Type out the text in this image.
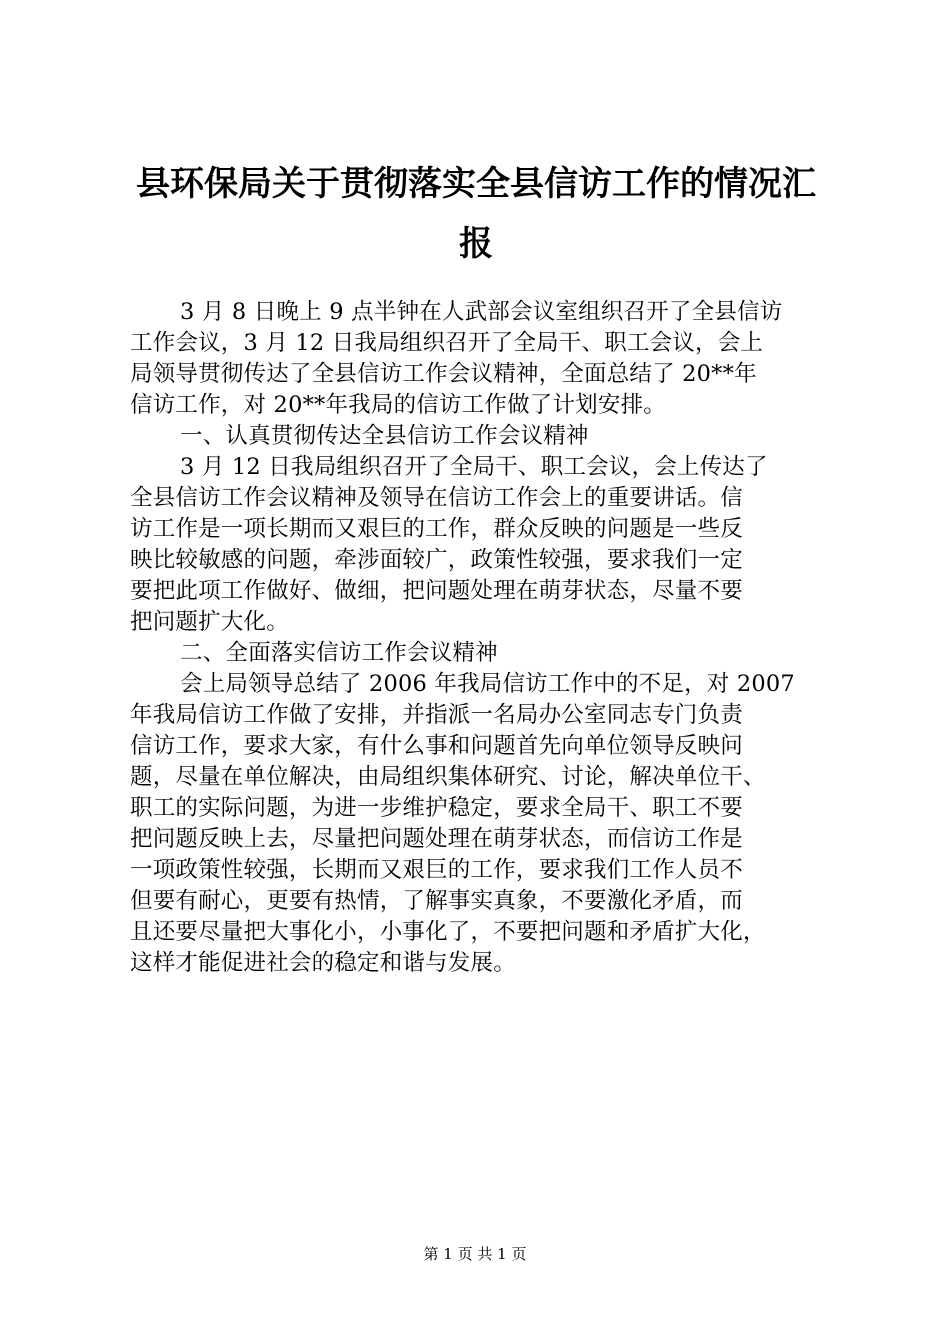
县环保局关于贯彻落实全县信访工作的情况汇
报
3 月 8 日晚上 9 点半钟在人武部会议室组织召开了全县信访
工作会议，3 月 12 日我局组织召开了全局干、职工会议，会上
局领导贯彻传达了全县信访工作会议精神，全面总结了 20**年
信访工作，对 20**年我局的信访工作做了计划安排。
一、认真贯彻传达全县信访工作会议精神
3 月 12 日我局组织召开了全局干、职工会议，会上传达了
全县信访工作会议精神及领导在信访工作会上的重要讲话。信
访工作是一项长期而又艰巨的工作，群众反映的问题是一些反
映比较敏感的问题，牵涉面较广，政策性较强，要求我们一定
要把此项工作做好、做细，把问题处理在萌芽状态，尽量不要
把问题扩大化。
二、全面落实信访工作会议精神
会上局领导总结了 2006 年我局信访工作中的不足，对 2007
年我局信访工作做了安排，并指派一名局办公室同志专门负责
信访工作，要求大家，有什么事和问题首先向单位领导反映问
题，尽量在单位解决，由局组织集体研究、讨论，解决单位干、
职工的实际问题，为进一步维护稳定，要求全局干、职工不要
把问题反映上去，尽量把问题处理在萌芽状态，而信访工作是
一项政策性较强，长期而又艰巨的工作，要求我们工作人员不
但要有耐心，更要有热情，了解事实真象，不要激化矛盾，而
且还要尽量把大事化小，小事化了，不要把问题和矛盾扩大化，
这样才能促进社会的稳定和谐与发展。
第 1 页 共 1 页
